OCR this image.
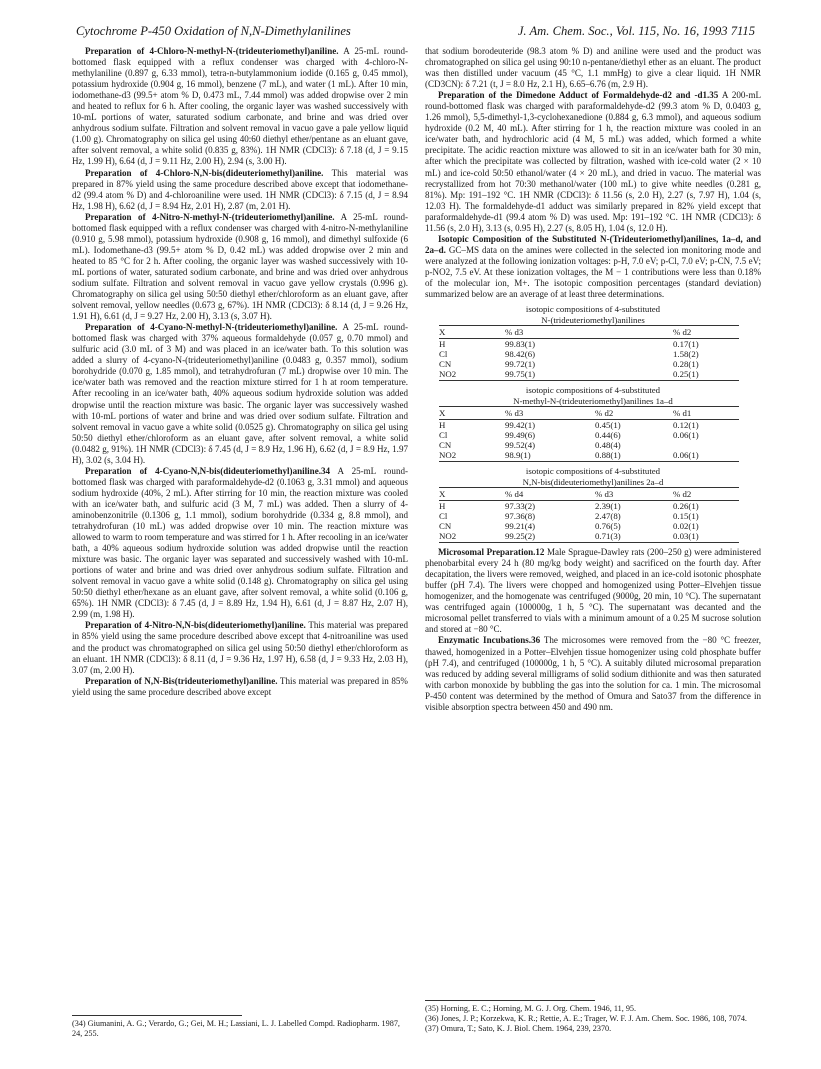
Cytochrome P-450 Oxidation of N,N-Dimethylanilines	J. Am. Chem. Soc., Vol. 115, No. 16, 1993 7115

Preparation of 4-Chloro-N-methyl-N-(trideuteriomethyl)aniline. A 25-mL round-bottomed flask equipped with a reflux condenser was charged with 4-chloro-N-methylaniline (0.897 g, 6.33 mmol), tetra-n-butylammonium iodide (0.165 g, 0.45 mmol), potassium hydroxide (0.904 g, 16 mmol), benzene (7 mL), and water (1 mL). After 10 min, iodomethane-d3 (99.5+ atom % D, 0.473 mL, 7.44 mmol) was added dropwise over 2 min and heated to reflux for 6 h. After cooling, the organic layer was washed successively with 10-mL portions of water, saturated sodium carbonate, and brine and was dried over anhydrous sodium sulfate. Filtration and solvent removal in vacuo gave a pale yellow liquid (1.00 g). Chromatography on silica gel using 40:60 diethyl ether/pentane as an eluant gave, after solvent removal, a white solid (0.835 g, 83%). 1H NMR (CDCl3): δ 7.18 (d, J = 9.15 Hz, 1.99 H), 6.64 (d, J = 9.11 Hz, 2.00 H), 2.94 (s, 3.00 H).

Preparation of 4-Chloro-N,N-bis(dideuteriomethyl)aniline. This material was prepared in 87% yield using the same procedure described above except that iodomethane-d2 (99.4 atom % D) and 4-chloroaniline were used. 1H NMR (CDCl3): δ 7.15 (d, J = 8.94 Hz, 1.98 H), 6.62 (d, J = 8.94 Hz, 2.01 H), 2.87 (m, 2.01 H).

Preparation of 4-Nitro-N-methyl-N-(trideuteriomethyl)aniline. A 25-mL round-bottomed flask equipped with a reflux condenser was charged with 4-nitro-N-methylaniline (0.910 g, 5.98 mmol), potassium hydroxide (0.908 g, 16 mmol), and dimethyl sulfoxide (6 mL). Iodomethane-d3 (99.5+ atom % D, 0.42 mL) was added dropwise over 2 min and heated to 85 °C for 2 h. After cooling, the organic layer was washed successively with 10-mL portions of water, saturated sodium carbonate, and brine and was dried over anhydrous sodium sulfate. Filtration and solvent removal in vacuo gave yellow crystals (0.996 g). Chromatography on silica gel using 50:50 diethyl ether/chloroform as an eluant gave, after solvent removal, yellow needles (0.673 g, 67%). 1H NMR (CDCl3): δ 8.14 (d, J = 9.26 Hz, 1.91 H), 6.61 (d, J = 9.27 Hz, 2.00 H), 3.13 (s, 3.07 H).

Preparation of 4-Cyano-N-methyl-N-(trideuteriomethyl)aniline. A 25-mL round-bottomed flask was charged with 37% aqueous formaldehyde (0.057 g, 0.70 mmol) and sulfuric acid (3.0 mL of 3 M) and was placed in an ice/water bath. To this solution was added a slurry of 4-cyano-N-(trideuteriomethyl)aniline (0.0483 g, 0.357 mmol), sodium borohydride (0.070 g, 1.85 mmol), and tetrahydrofuran (7 mL) dropwise over 10 min. The ice/water bath was removed and the reaction mixture stirred for 1 h at room temperature. After recooling in an ice/water bath, 40% aqueous sodium hydroxide solution was added dropwise until the reaction mixture was basic. The organic layer was successively washed with 10-mL portions of water and brine and was dried over sodium sulfate. Filtration and solvent removal in vacuo gave a white solid (0.0525 g). Chromatography on silica gel using 50:50 diethyl ether/chloroform as an eluant gave, after solvent removal, a white solid (0.0482 g, 91%). 1H NMR (CDCl3): δ 7.45 (d, J = 8.9 Hz, 1.96 H), 6.62 (d, J = 8.9 Hz, 1.97 H), 3.02 (s, 3.04 H).

Preparation of 4-Cyano-N,N-bis(dideuteriomethyl)aniline.34 A 25-mL round-bottomed flask was charged with paraformaldehyde-d2 (0.1063 g, 3.31 mmol) and aqueous sodium hydroxide (40%, 2 mL). After stirring for 10 min, the reaction mixture was cooled with an ice/water bath, and sulfuric acid (3 M, 7 mL) was added. Then a slurry of 4-aminobenzonitrile (0.1306 g, 1.1 mmol), sodium borohydride (0.334 g, 8.8 mmol), and tetrahydrofuran (10 mL) was added dropwise over 10 min. The reaction mixture was allowed to warm to room temperature and was stirred for 1 h. After recooling in an ice/water bath, a 40% aqueous sodium hydroxide solution was added dropwise until the reaction mixture was basic. The organic layer was separated and successively washed with 10-mL portions of water and brine and was dried over anhydrous sodium sulfate. Filtration and solvent removal in vacuo gave a white solid (0.148 g). Chromatography on silica gel using 50:50 diethyl ether/hexane as an eluant gave, after solvent removal, a white solid (0.106 g, 65%). 1H NMR (CDCl3): δ 7.45 (d, J = 8.89 Hz, 1.94 H), 6.61 (d, J = 8.87 Hz, 2.07 H), 2.99 (m, 1.98 H).

Preparation of 4-Nitro-N,N-bis(dideuteriomethyl)aniline. This material was prepared in 85% yield using the same procedure described above except that 4-nitroaniline was used and the product was chromatographed on silica gel using 50:50 diethyl ether/chloroform as an eluant. 1H NMR (CDCl3): δ 8.11 (d, J = 9.36 Hz, 1.97 H), 6.58 (d, J = 9.33 Hz, 2.03 H), 3.07 (m, 2.00 H).

Preparation of N,N-Bis(trideuteriomethyl)aniline. This material was prepared in 85% yield using the same procedure described above except

that sodium borodeuteride (98.3 atom % D) and aniline were used and the product was chromatographed on silica gel using 90:10 n-pentane/diethyl ether as an eluant. The product was then distilled under vacuum (45 °C, 1.1 mmHg) to give a clear liquid. 1H NMR (CD3CN): δ 7.21 (t, J = 8.0 Hz, 2.1 H), 6.65–6.76 (m, 2.9 H).

Preparation of the Dimedone Adduct of Formaldehyde-d2 and -d1.35 A 200-mL round-bottomed flask was charged with paraformaldehyde-d2 (99.3 atom % D, 0.0403 g, 1.26 mmol), 5,5-dimethyl-1,3-cyclohexanedione (0.884 g, 6.3 mmol), and aqueous sodium hydroxide (0.2 M, 40 mL). After stirring for 1 h, the reaction mixture was cooled in an ice/water bath, and hydrochloric acid (4 M, 5 mL) was added, which formed a white precipitate. The acidic reaction mixture was allowed to sit in an ice/water bath for 30 min, after which the precipitate was collected by filtration, washed with ice-cold water (2 × 10 mL) and ice-cold 50:50 ethanol/water (4 × 20 mL), and dried in vacuo. The material was recrystallized from hot 70:30 methanol/water (100 mL) to give white needles (0.281 g, 81%). Mp: 191–192 °C. 1H NMR (CDCl3): δ 11.56 (s, 2.0 H), 2.27 (s, 7.97 H), 1.04 (s, 12.03 H). The formaldehyde-d1 adduct was similarly prepared in 82% yield except that paraformaldehyde-d1 (99.4 atom % D) was used. Mp: 191–192 °C. 1H NMR (CDCl3): δ 11.56 (s, 2.0 H), 3.13 (s, 0.95 H), 2.27 (s, 8.05 H), 1.04 (s, 12.0 H).

Isotopic Composition of the Substituted N-(Trideuteriomethyl)anilines, 1a–d, and 2a–d. GC–MS data on the amines were collected in the selected ion monitoring mode and were analyzed at the following ionization voltages: p-H, 7.0 eV; p-Cl, 7.0 eV; p-CN, 7.5 eV; p-NO2, 7.5 eV. At these ionization voltages, the M − 1 contributions were less than 0.18% of the molecular ion, M+. The isotopic composition percentages (standard deviation) summarized below are an average of at least three determinations.

isotopic compositions of 4-substituted
N-(trideuteriomethyl)anilines
X	% d3		% d2
H	99.83(1)		0.17(1)
Cl	98.42(6)		1.58(2)
CN	99.72(1)		0.28(1)
NO2	99.75(1)		0.25(1)
isotopic compositions of 4-substituted
N-methyl-N-(trideuteriomethyl)anilines 1a–d
X	% d3	% d2	% d1
H	99.42(1)	0.45(1)	0.12(1)
Cl	99.49(6)	0.44(6)	0.06(1)
CN	99.52(4)	0.48(4)	
NO2	98.9(1)	0.88(1)	0.06(1)
isotopic compositions of 4-substituted
N,N-bis(dideuteriomethyl)anilines 2a–d
X	% d4	% d3	% d2
H	97.33(2)	2.39(1)	0.26(1)
Cl	97.36(8)	2.47(8)	0.15(1)
CN	99.21(4)	0.76(5)	0.02(1)
NO2	99.25(2)	0.71(3)	0.03(1)

Microsomal Preparation.12 Male Sprague-Dawley rats (200–250 g) were administered phenobarbital every 24 h (80 mg/kg body weight) and sacrificed on the fourth day. After decapitation, the livers were removed, weighed, and placed in an ice-cold isotonic phosphate buffer (pH 7.4). The livers were chopped and homogenized using Potter–Elvehjen tissue homogenizer, and the homogenate was centrifuged (9000g, 20 min, 10 °C). The supernatant was centrifuged again (100000g, 1 h, 5 °C). The supernatant was decanted and the microsomal pellet transferred to vials with a minimum amount of a 0.25 M sucrose solution and stored at −80 °C.

Enzymatic Incubations.36 The microsomes were removed from the −80 °C freezer, thawed, homogenized in a Potter–Elvehjen tissue homogenizer using cold phosphate buffer (pH 7.4), and centrifuged (100000g, 1 h, 5 °C). A suitably diluted microsomal preparation was reduced by adding several milligrams of solid sodium dithionite and was then saturated with carbon monoxide by bubbling the gas into the solution for ca. 1 min. The microsomal P-450 content was determined by the method of Omura and Sato37 from the difference in visible absorption spectra between 450 and 490 nm.

(34) Giumanini, A. G.; Verardo, G.; Gei, M. H.; Lassiani, L. J. Labelled Compd. Radiopharm. 1987, 24, 255.
(35) Horning, E. C.; Horning, M. G. J. Org. Chem. 1946, 11, 95.
(36) Jones, J. P.; Korzekwa, K. R.; Rettie, A. E.; Trager, W. F. J. Am. Chem. Soc. 1986, 108, 7074.
(37) Omura, T.; Sato, K. J. Biol. Chem. 1964, 239, 2370.
